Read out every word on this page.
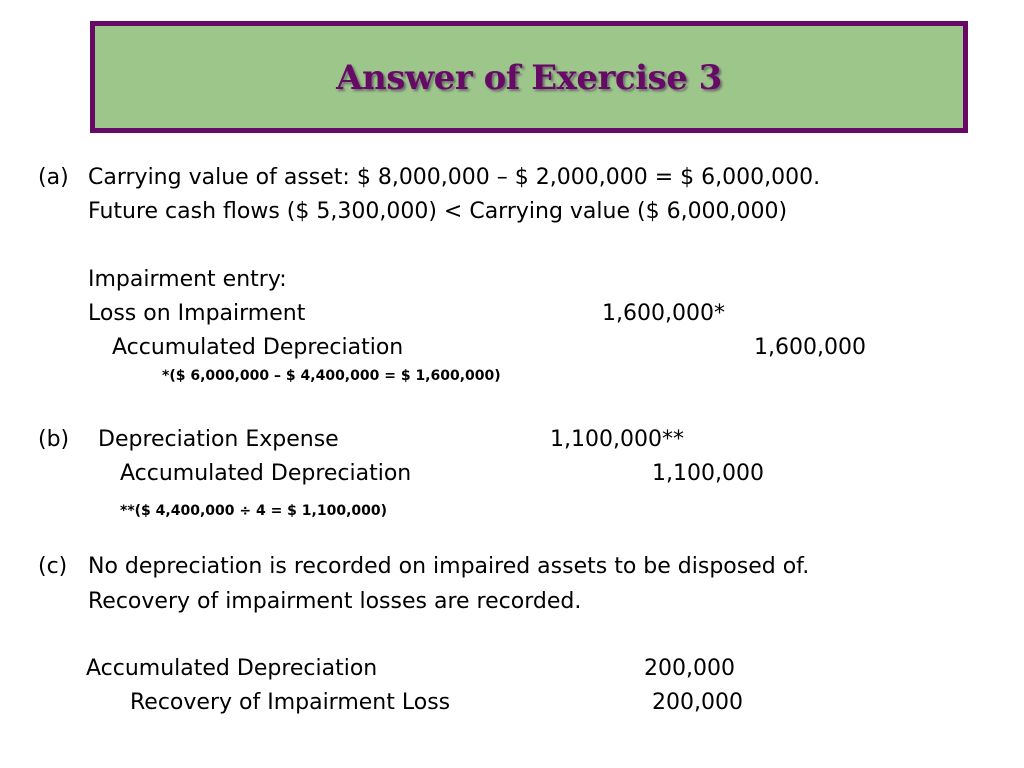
Answer of Exercise 3
(a) Carrying value of asset: $ 8,000,000 – $ 2,000,000 = $ 6,000,000.
Future cash flows ($ 5,300,000) < Carrying value ($ 6,000,000)
Impairment entry:
Loss on Impairment	1,600,000*
Accumulated Depreciation	1,600,000
*($ 6,000,000 – $ 4,400,000 = $ 1,600,000)
(b) Depreciation Expense	1,100,000**
Accumulated Depreciation	1,100,000
**($ 4,400,000 ÷ 4 = $ 1,100,000)
(c) No depreciation is recorded on impaired assets to be disposed of.
Recovery of impairment losses are recorded.
Accumulated Depreciation	200,000
Recovery of Impairment Loss	200,000
